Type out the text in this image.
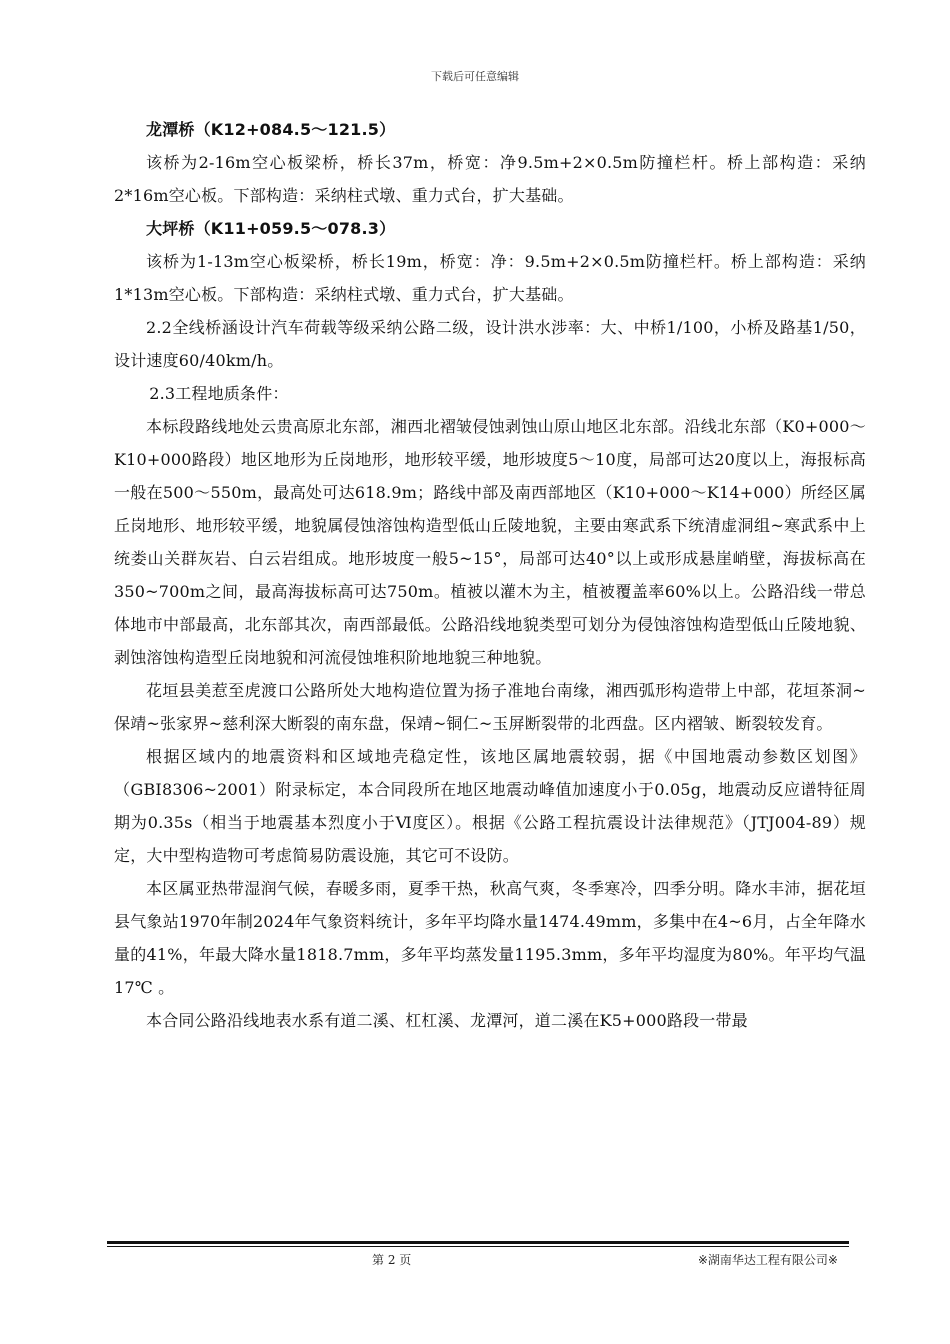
下载后可任意编辑

龙潭桥（K12+084.5～121.5）

该桥为2-16m空心板梁桥，桥长37m，桥宽：净9.5m+2×0.5m防撞栏杆。桥上部构造：采纳2*16m空心板。下部构造：采纳柱式墩、重力式台，扩大基础。

大坪桥（K11+059.5～078.3）

该桥为1-13m空心板梁桥，桥长19m，桥宽：净：9.5m+2×0.5m防撞栏杆。桥上部构造：采纳1*13m空心板。下部构造：采纳柱式墩、重力式台，扩大基础。

2.2全线桥涵设计汽车荷载等级采纳公路二级，设计洪水涉率：大、中桥1/100，小桥及路基1/50，设计速度60/40km/h。

2.3工程地质条件：

本标段路线地处云贵高原北东部，湘西北褶皱侵蚀剥蚀山原山地区北东部。沿线北东部（K0+000～K10+000路段）地区地形为丘岗地形，地形较平缓，地形坡度5～10度，局部可达20度以上，海报标高一般在500～550m，最高处可达618.9m；路线中部及南西部地区（K10+000～K14+000）所经区属丘岗地形、地形较平缓，地貌属侵蚀溶蚀构造型低山丘陵地貌，主要由寒武系下统清虚洞组~寒武系中上统娄山关群灰岩、白云岩组成。地形坡度一般5~15°，局部可达40°以上或形成悬崖峭壁，海拔标高在350~700m之间，最高海拔标高可达750m。植被以灌木为主，植被覆盖率60%以上。公路沿线一带总体地市中部最高，北东部其次，南西部最低。公路沿线地貌类型可划分为侵蚀溶蚀构造型低山丘陵地貌、剥蚀溶蚀构造型丘岗地貌和河流侵蚀堆积阶地地貌三种地貌。

花垣县美惹至虎渡口公路所处大地构造位置为扬子准地台南缘，湘西弧形构造带上中部，花垣茶洞~保靖~张家界~慈利深大断裂的南东盘，保靖~铜仁~玉屏断裂带的北西盘。区内褶皱、断裂较发育。

根据区域内的地震资料和区域地壳稳定性，该地区属地震较弱，据《中国地震动参数区划图》（GBI8306~2001）附录标定，本合同段所在地区地震动峰值加速度小于0.05g，地震动反应谱特征周期为0.35s（相当于地震基本烈度小于Ⅵ度区）。根据《公路工程抗震设计法律规范》（JTJ004-89）规定，大中型构造物可考虑简易防震设施，其它可不设防。

本区属亚热带湿润气候，春暖多雨，夏季干热，秋高气爽，冬季寒冷，四季分明。降水丰沛，据花垣县气象站1970年制2024年气象资料统计，多年平均降水量1474.49mm，多集中在4~6月，占全年降水量的41%，年最大降水量1818.7mm，多年平均蒸发量1195.3mm，多年平均湿度为80%。年平均气温17℃ 。

本合同公路沿线地表水系有道二溪、杠杠溪、龙潭河，道二溪在K5+000路段一带最

第 2 页	※湖南华达工程有限公司※
